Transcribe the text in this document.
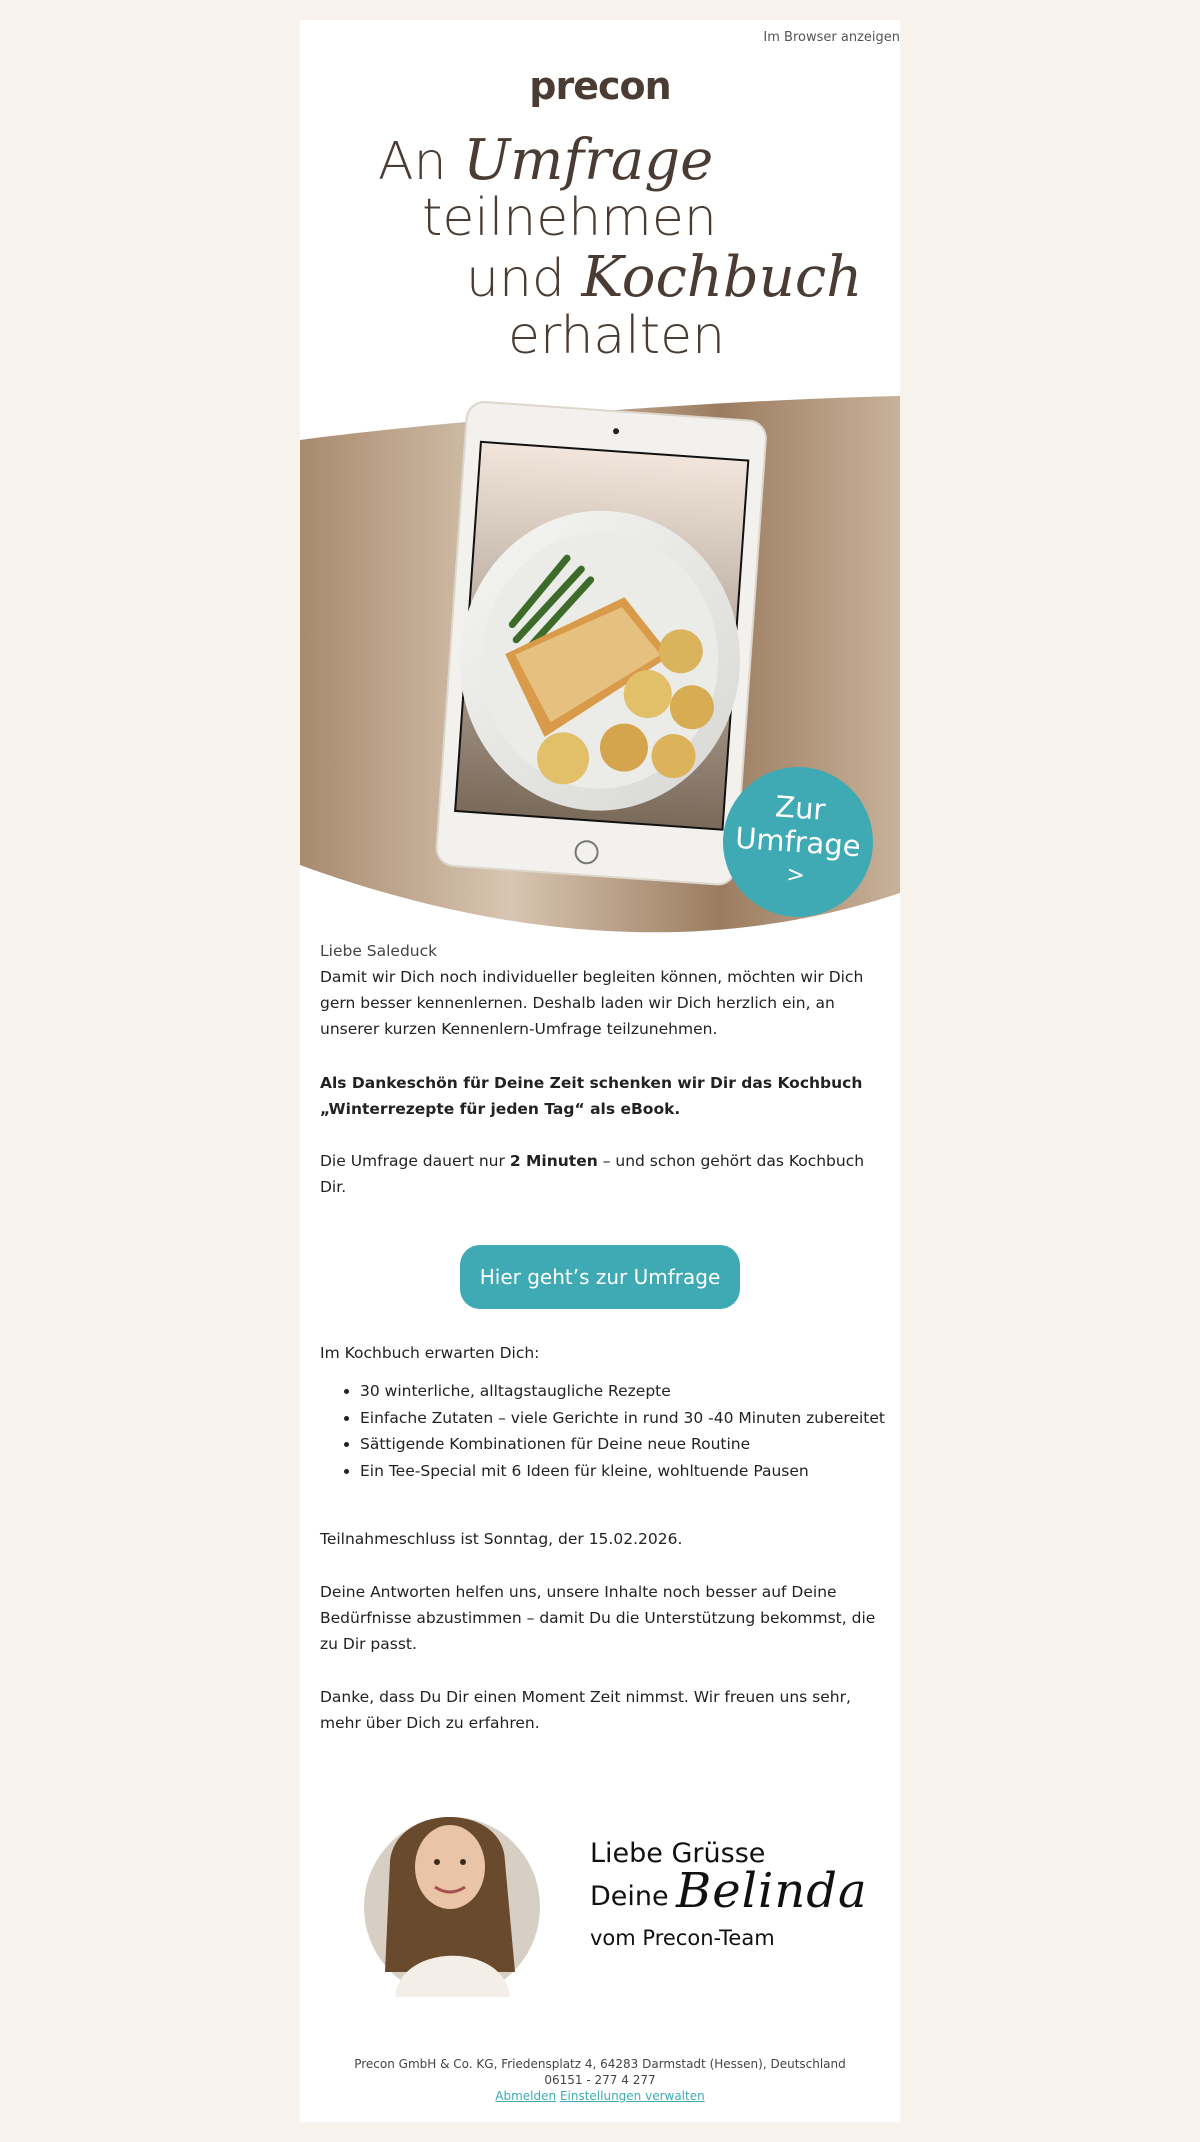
Im Browser anzeigen
precon
An Umfrage
teilnehmen
und Kochbuch
erhalten
Zur
Umfrage
>
Liebe Saleduck
Damit wir Dich noch individueller begleiten können, möchten wir Dich gern besser kennenlernen. Deshalb laden wir Dich herzlich ein, an unserer kurzen Kennenlern-Umfrage teilzunehmen.
Als Dankeschön für Deine Zeit schenken wir Dir das Kochbuch „Winterrezepte für jeden Tag“ als eBook.
Die Umfrage dauert nur 2 Minuten – und schon gehört das Kochbuch Dir.
Hier geht’s zur Umfrage
Im Kochbuch erwarten Dich:
• 30 winterliche, alltagstaugliche Rezepte
• Einfache Zutaten – viele Gerichte in rund 30 -40 Minuten zubereitet
• Sättigende Kombinationen für Deine neue Routine
• Ein Tee-Special mit 6 Ideen für kleine, wohltuende Pausen
Teilnahmeschluss ist Sonntag, der 15.02.2026.
Deine Antworten helfen uns, unsere Inhalte noch besser auf Deine Bedürfnisse abzustimmen – damit Du die Unterstützung bekommst, die zu Dir passt.
Danke, dass Du Dir einen Moment Zeit nimmst. Wir freuen uns sehr, mehr über Dich zu erfahren.
Liebe Grüsse
Deine Belinda
vom Precon-Team
Precon GmbH & Co. KG, Friedensplatz 4, 64283 Darmstadt (Hessen), Deutschland
06151 - 277 4 277
Abmelden Einstellungen verwalten
